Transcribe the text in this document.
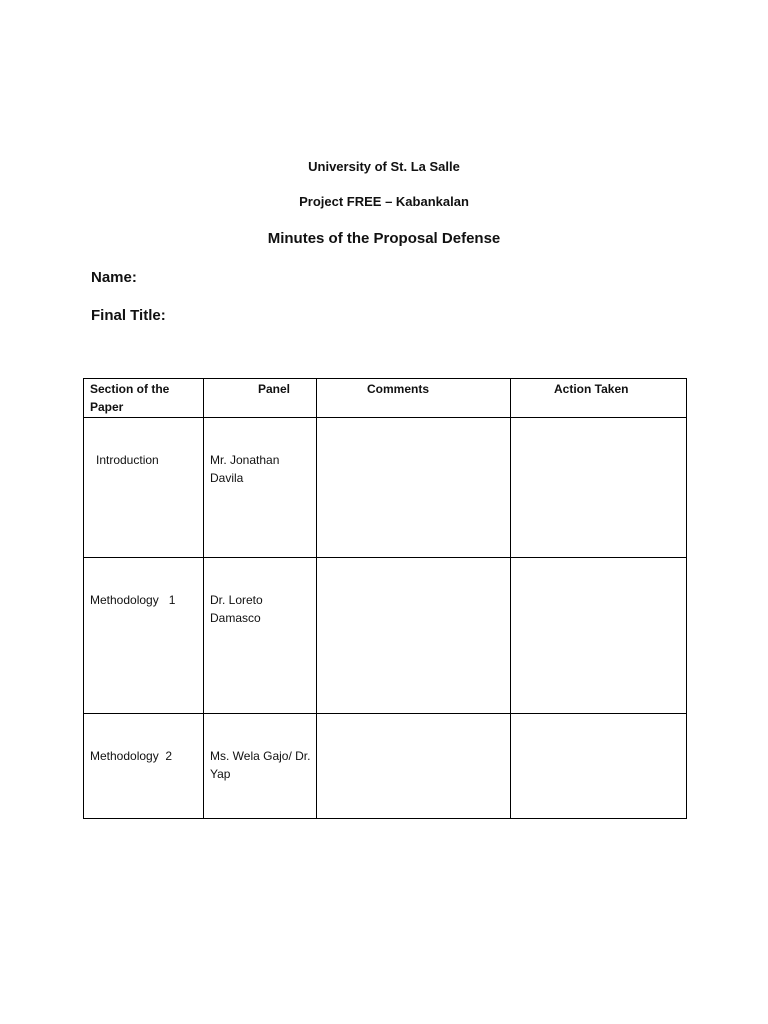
University of St. La Salle
Project FREE – Kabankalan
Minutes of the Proposal Defense
Name:
Final Title:
Section of the Paper	Panel	Comments	Action Taken

Introduction	Mr. Jonathan Davila		

Methodology   1	Dr. Loreto Damasco		

Methodology  2	Ms. Wela Gajo/ Dr. Yap		
